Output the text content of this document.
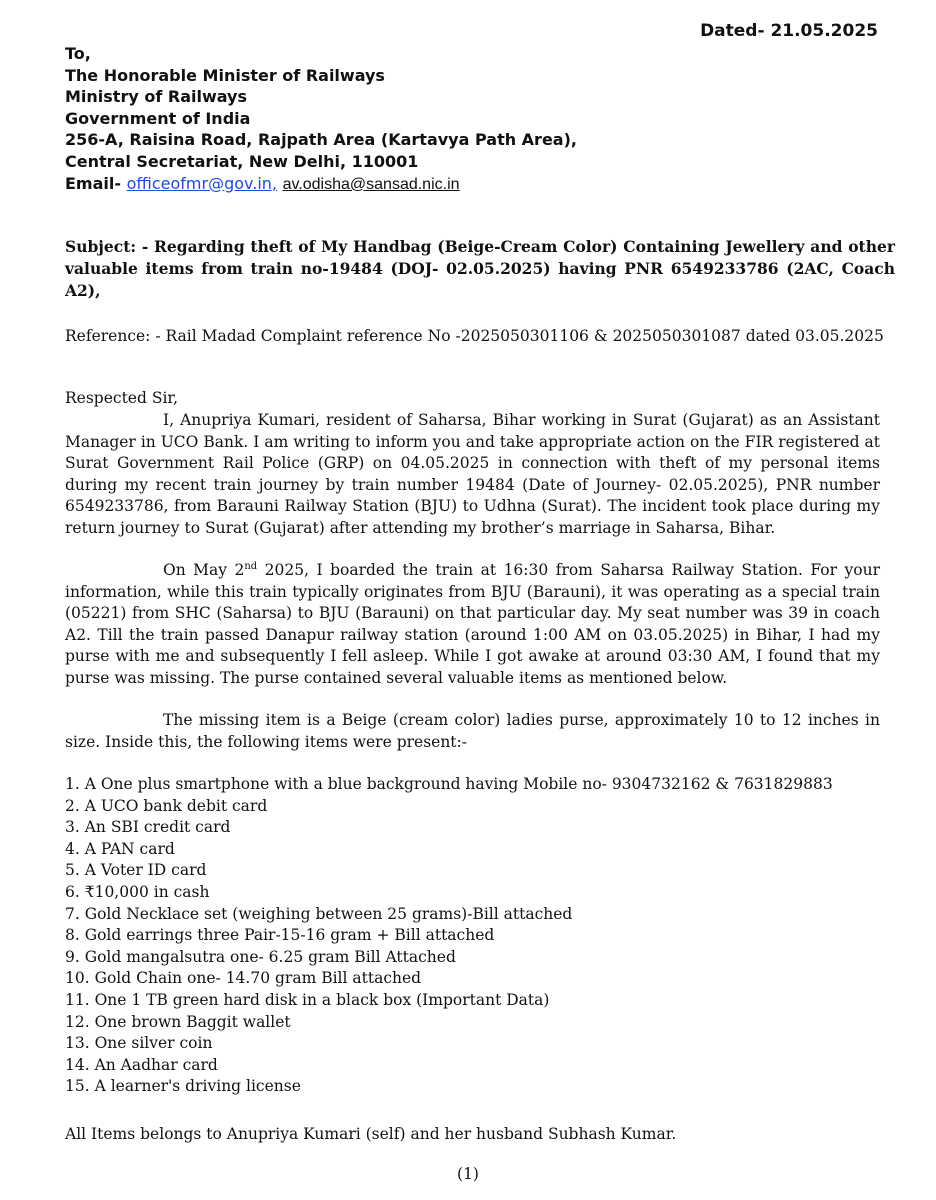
Dated- 21.05.2025
To,
The Honorable Minister of Railways
Ministry of Railways
Government of India
256-A, Raisina Road, Rajpath Area (Kartavya Path Area),
Central Secretariat, New Delhi, 110001
Email- officeofmr@gov.in, av.odisha@sansad.nic.in
Subject: - Regarding theft of My Handbag (Beige-Cream Color) Containing Jewellery and other
valuable items from train no-19484 (DOJ- 02.05.2025) having PNR 6549233786 (2AC, Coach A2),
Reference: - Rail Madad Complaint reference No -2025050301106 & 2025050301087 dated 03.05.2025
Respected Sir,

I, Anupriya Kumari, resident of Saharsa, Bihar working in Surat (Gujarat) as an Assistant Manager in UCO Bank. I am writing to inform you and take appropriate action on the FIR registered at Surat Government Rail Police (GRP) on 04.05.2025 in connection with theft of my personal items during my recent train journey by train number 19484 (Date of Journey- 02.05.2025), PNR number 6549233786, from Barauni Railway Station (BJU) to Udhna (Surat). The incident took place during my return journey to Surat (Gujarat) after attending my brother’s marriage in Saharsa, Bihar.

On May 2nd 2025, I boarded the train at 16:30 from Saharsa Railway Station. For your information, while this train typically originates from BJU (Barauni), it was operating as a special train (05221) from SHC (Saharsa) to BJU (Barauni) on that particular day. My seat number was 39 in coach A2. Till the train passed Danapur railway station (around 1:00 AM on 03.05.2025) in Bihar, I had my purse with me and subsequently I fell asleep. While I got awake at around 03:30 AM, I found that my purse was missing. The purse contained several valuable items as mentioned below.

The missing item is a Beige (cream color) ladies purse, approximately 10 to 12 inches in size. Inside this, the following items were present:-

1. A One plus smartphone with a blue background having Mobile no- 9304732162 & 7631829883
2. A UCO bank debit card
3. An SBI credit card
4. A PAN card
5. A Voter ID card
6. ₹10,000 in cash
7. Gold Necklace set (weighing between 25 grams)-Bill attached
8. Gold earrings three Pair-15-16 gram + Bill attached
9. Gold mangalsutra one- 6.25 gram Bill Attached
10. Gold Chain one- 14.70 gram Bill attached
11. One 1 TB green hard disk in a black box (Important Data)
12. One brown Baggit wallet
13. One silver coin
14. An Aadhar card
15. A learner's driving license
All Items belongs to Anupriya Kumari (self) and her husband Subhash Kumar.
(1)
